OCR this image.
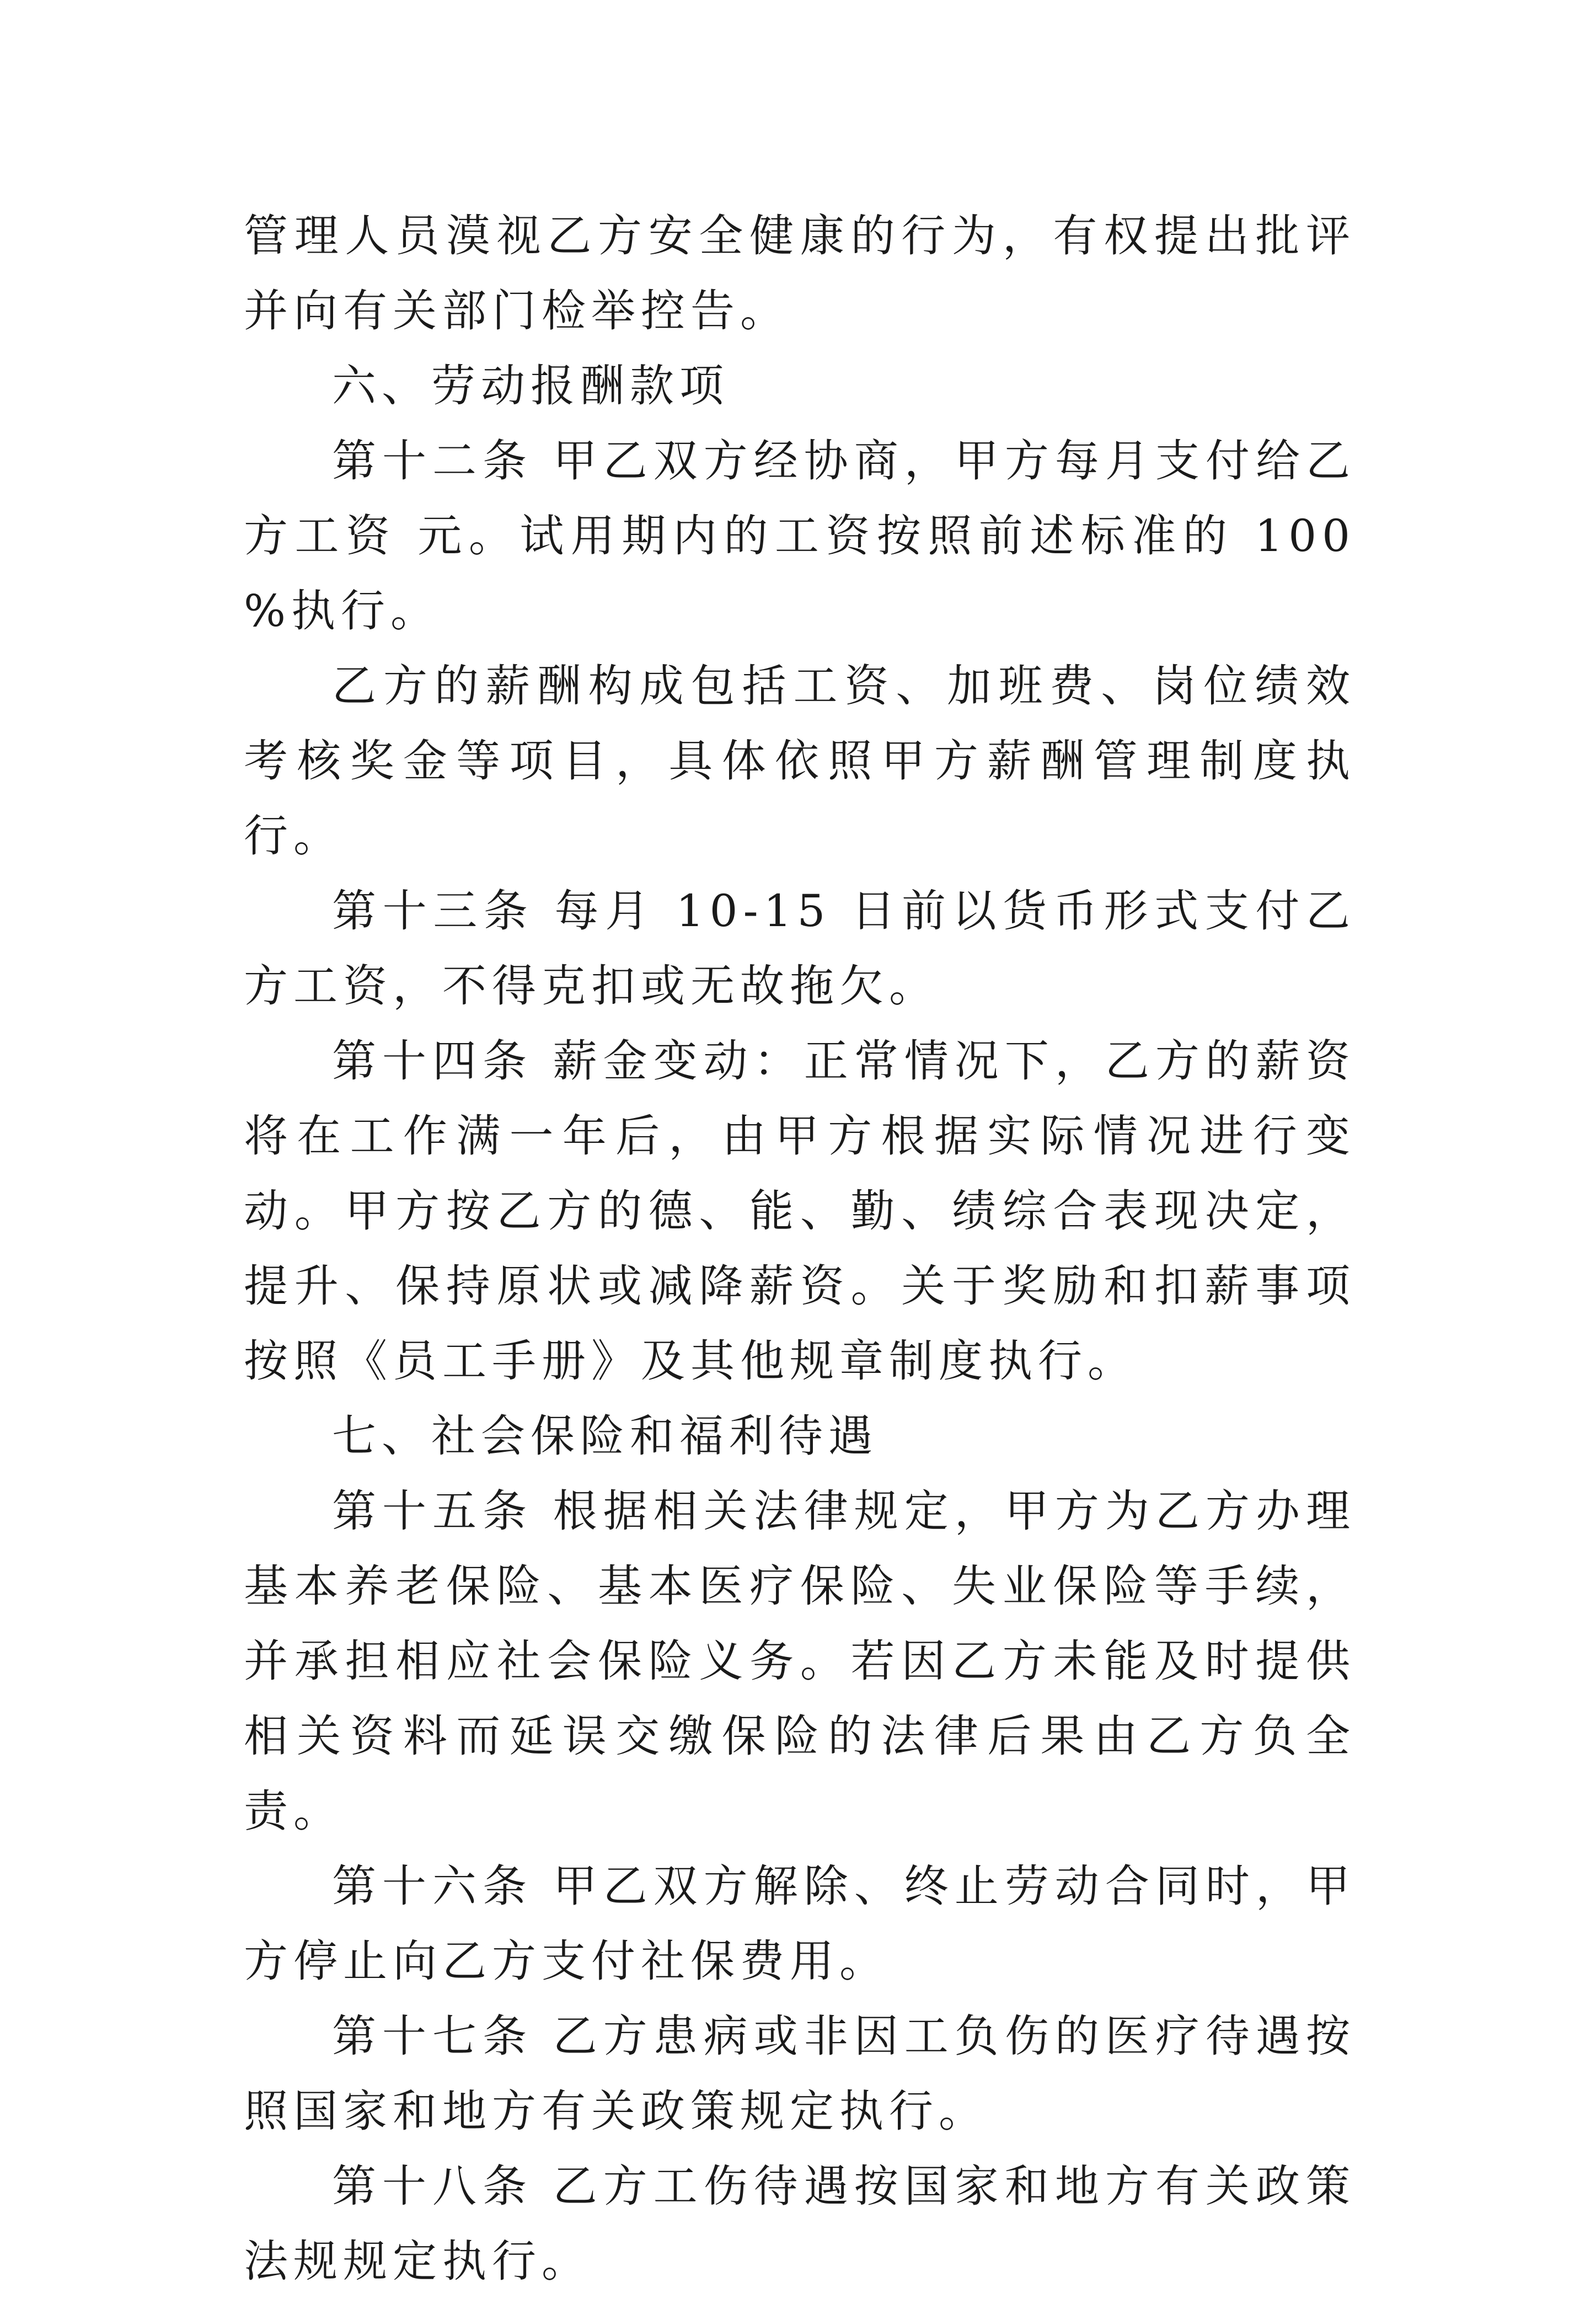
管理人员漠视乙方安全健康的行为，有权提出批评并向有关部门检举控告。

六、劳动报酬款项

第十二条 甲乙双方经协商，甲方每月支付给乙方工资 元。试用期内的工资按照前述标准的 100 %执行。

乙方的薪酬构成包括工资、加班费、岗位绩效考核奖金等项目，具体依照甲方薪酬管理制度执行。

第十三条 每月 10-15 日前以货币形式支付乙方工资，不得克扣或无故拖欠。

第十四条 薪金变动：正常情况下，乙方的薪资将在工作满一年后，由甲方根据实际情况进行变动。甲方按乙方的德、能、勤、绩综合表现决定，提升、保持原状或减降薪资。关于奖励和扣薪事项按照《员工手册》及其他规章制度执行。

七、社会保险和福利待遇

第十五条 根据相关法律规定，甲方为乙方办理基本养老保险、基本医疗保险、失业保险等手续，并承担相应社会保险义务。若因乙方未能及时提供相关资料而延误交缴保险的法律后果由乙方负全责。

第十六条 甲乙双方解除、终止劳动合同时，甲方停止向乙方支付社保费用。

第十七条 乙方患病或非因工负伤的医疗待遇按照国家和地方有关政策规定执行。

第十八条 乙方工伤待遇按国家和地方有关政策法规规定执行。
